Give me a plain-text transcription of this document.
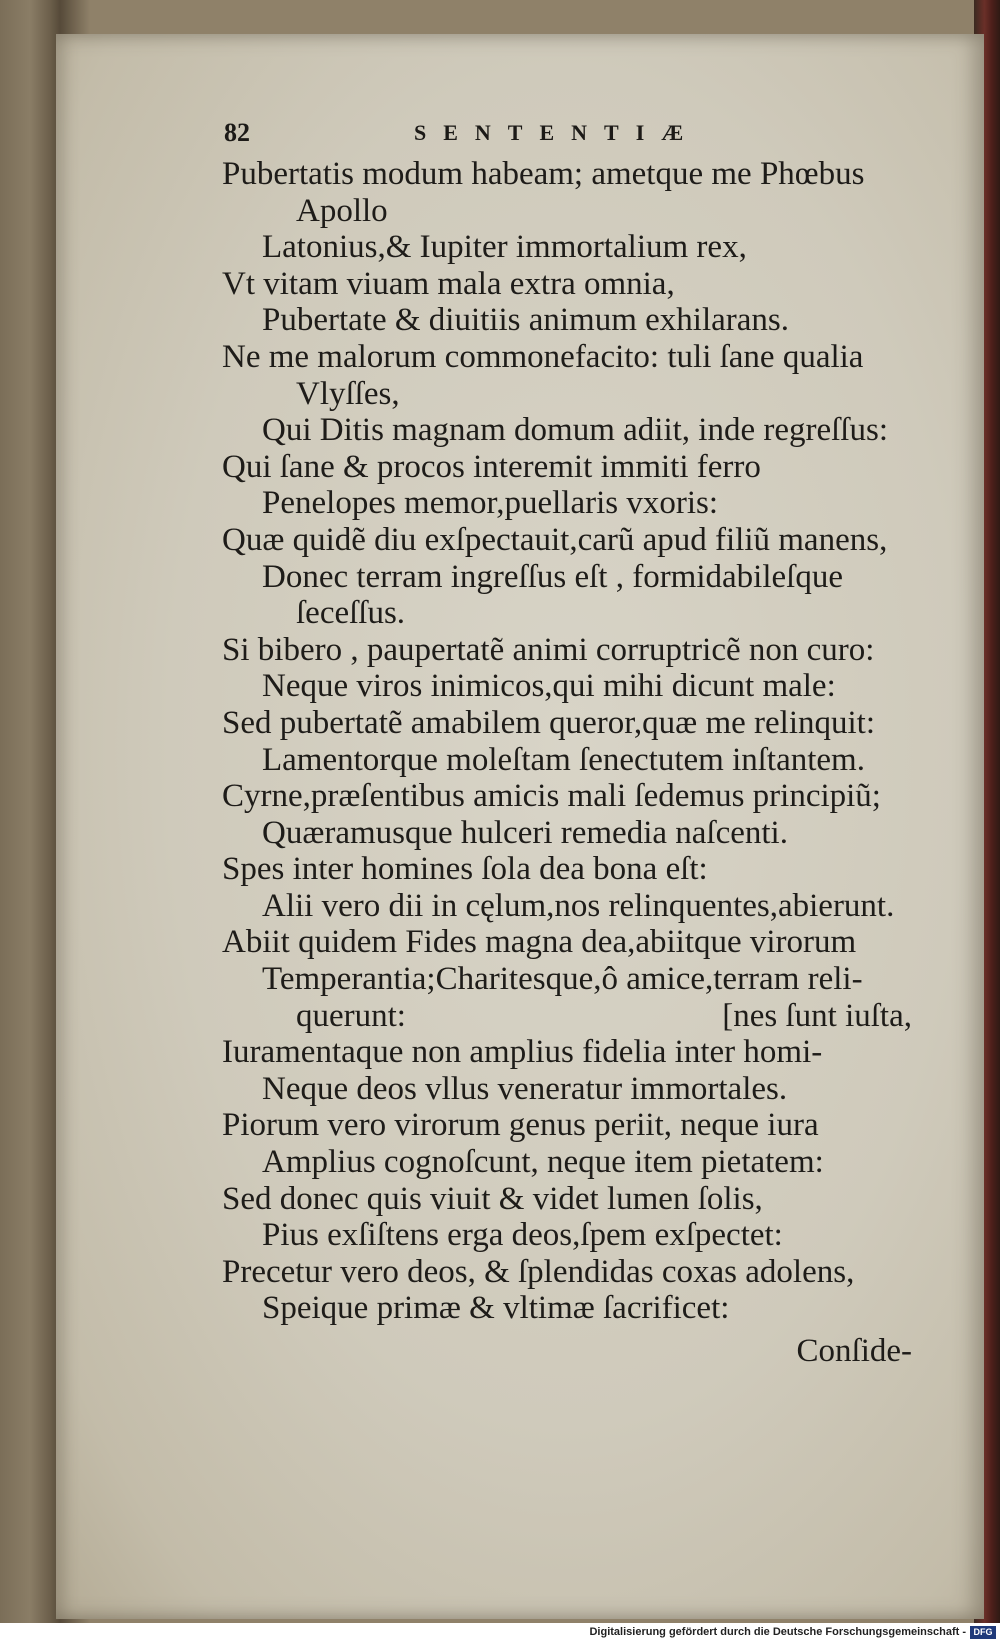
82	SENTENTIÆ
Pubertatis modum habeam; ametque me Phœbus
Apollo
Latonius,& Iupiter immortalium rex,
Vt vitam viuam mala extra omnia,
Pubertate & diuitiis animum exhilarans.
Ne me malorum commonefacito: tuli ſane qualia
Vlyſſes,
Qui Ditis magnam domum adiit, inde regreſſus:
Qui ſane & procos interemit immiti ferro
Penelopes memor,puellaris vxoris:
Quæ quidẽ diu exſpectauit,carũ apud filiũ manens,
Donec terram ingreſſus eſt , formidabileſque
ſeceſſus.
Si bibero , paupertatẽ animi corruptricẽ non curo:
Neque viros inimicos,qui mihi dicunt male:
Sed pubertatẽ amabilem queror,quæ me relinquit:
Lamentorque moleſtam ſenectutem inſtantem.
Cyrne,præſentibus amicis mali ſedemus principiũ;
Quæramusque hulceri remedia naſcenti.
Spes inter homines ſola dea bona eſt:
Alii vero dii in cęlum,nos relinquentes,abierunt.
Abiit quidem Fides magna dea,abiitque virorum
Temperantia;Charitesque,ô amice,terram reli-
querunt:	[nes ſunt iuſta,
Iuramentaque non amplius fidelia inter homi-
Neque deos vllus veneratur immortales.
Piorum vero virorum genus periit, neque iura
Amplius cognoſcunt, neque item pietatem:
Sed donec quis viuit & videt lumen ſolis,
Pius exſiſtens erga deos,ſpem exſpectet:
Precetur vero deos, & ſplendidas coxas adolens,
Speique primæ & vltimæ ſacrificet:
Conſide-
Digitalisierung gefördert durch die Deutsche Forschungsgemeinschaft - DFG
